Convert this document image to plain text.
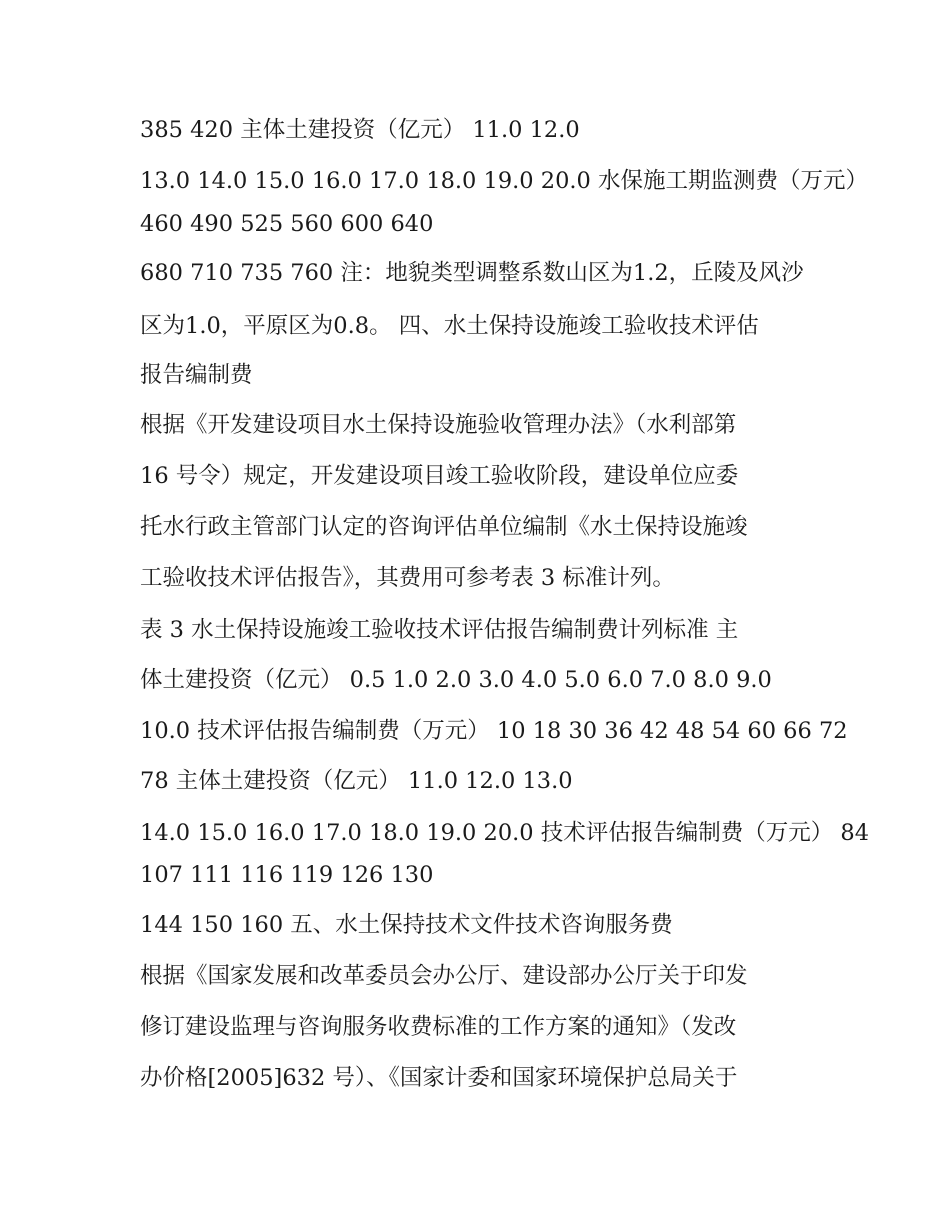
385 420 主体土建投资（亿元） 11.0 12.0

13.0 14.0 15.0 16.0 17.0 18.0 19.0 20.0 水保施工期监测费（万元）

460 490 525 560 600 640

680 710 735 760 注：地貌类型调整系数山区为1.2，丘陵及风沙

区为1.0，平原区为0.8。 四、水土保持设施竣工验收技术评估

报告编制费

根据《开发建设项目水土保持设施验收管理办法》（水利部第

16 号令）规定，开发建设项目竣工验收阶段，建设单位应委

托水行政主管部门认定的咨询评估单位编制《水土保持设施竣

工验收技术评估报告》，其费用可参考表 3 标准计列。

表 3 水土保持设施竣工验收技术评估报告编制费计列标准 主

体土建投资（亿元） 0.5 1.0 2.0 3.0 4.0 5.0 6.0 7.0 8.0 9.0

10.0 技术评估报告编制费（万元） 10 18 30 36 42 48 54 60 66 72

78 主体土建投资（亿元） 11.0 12.0 13.0

14.0 15.0 16.0 17.0 18.0 19.0 20.0 技术评估报告编制费（万元） 84

107 111 116 119 126 130

144 150 160 五、水土保持技术文件技术咨询服务费

根据《国家发展和改革委员会办公厅、建设部办公厅关于印发

修订建设监理与咨询服务收费标准的工作方案的通知》（发改

办价格[2005]632 号）、《国家计委和国家环境保护总局关于
